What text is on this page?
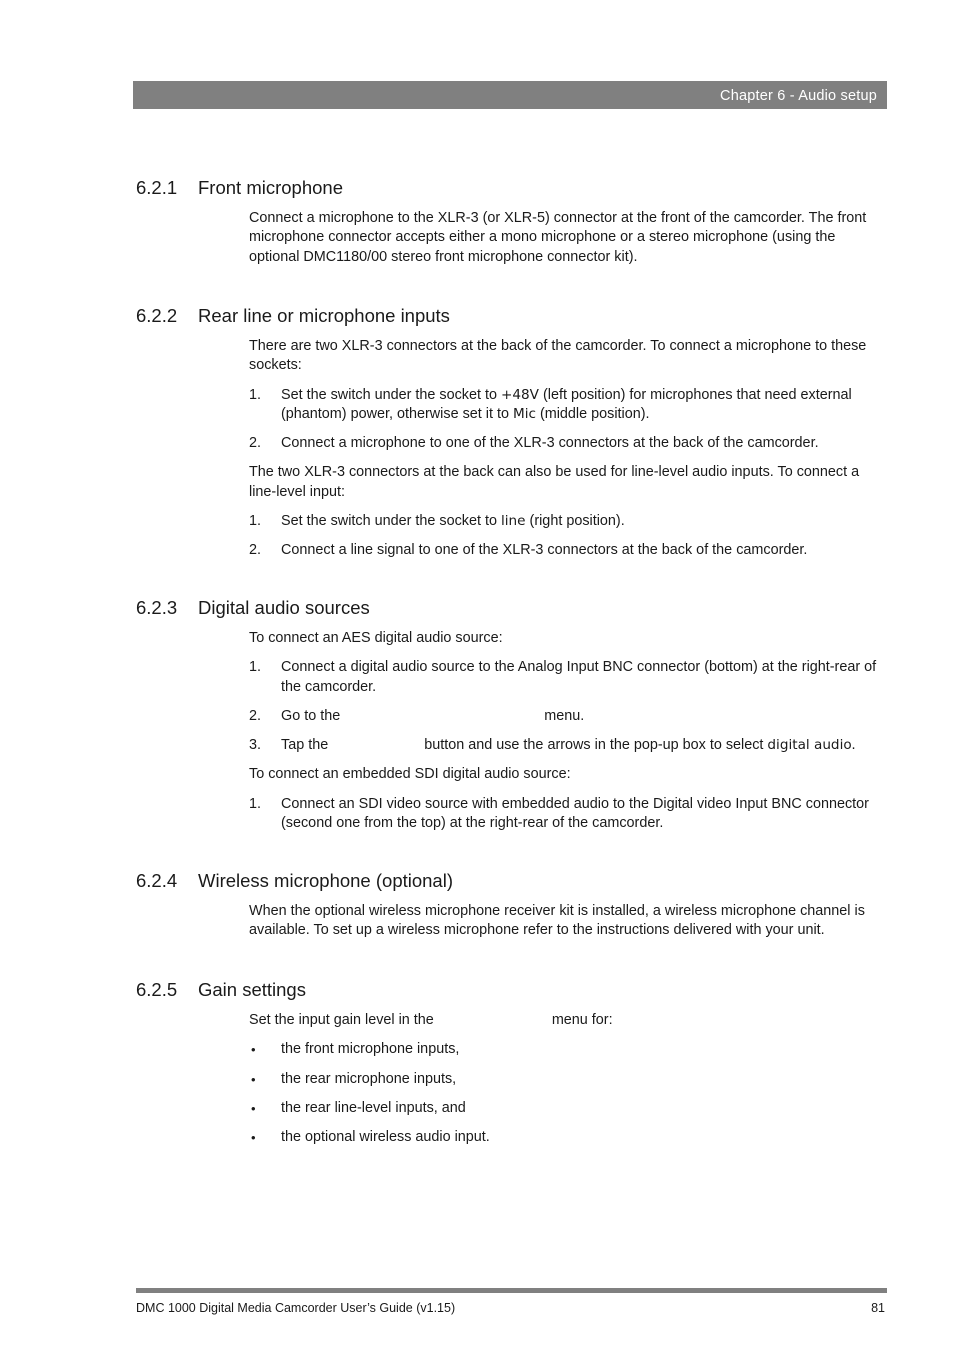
Chapter 6 - Audio setup
6.2.1 Front microphone

Connect a microphone to the XLR-3 (or XLR-5) connector at the front of the camcorder. The front microphone connector accepts either a mono microphone or a stereo microphone (using the optional DMC1180/00 stereo front microphone connector kit).

6.2.2 Rear line or microphone inputs

There are two XLR-3 connectors at the back of the camcorder. To connect a microphone to these sockets:

1.	Set the switch under the socket to +48V (left position) for microphones that need external (phantom) power, otherwise set it to Mic (middle position).
2.	Connect a microphone to one of the XLR-3 connectors at the back of the camcorder.

The two XLR-3 connectors at the back can also be used for line-level audio inputs. To connect a line-level input:

1.	Set the switch under the socket to line (right position).
2.	Connect a line signal to one of the XLR-3 connectors at the back of the camcorder.
6.2.3 Digital audio sources

To connect an AES digital audio source:

1.	Connect a digital audio source to the Analog Input BNC connector (bottom) at the right-rear of the camcorder.
2.	Go to the	menu.
3.	Tap the	button and use the arrows in the pop-up box to select digital audio.

To connect an embedded SDI digital audio source:

1.	Connect an SDI video source with embedded audio to the Digital video Input BNC connector (second one from the top) at the right-rear of the camcorder.
6.2.4 Wireless microphone (optional)

When the optional wireless microphone receiver kit is installed, a wireless microphone channel is available. To set up a wireless microphone refer to the instructions delivered with your unit.

6.2.5 Gain settings

Set the input gain level in the	menu for:

•	the front microphone inputs,
•	the rear microphone inputs,
•	the rear line-level inputs, and
•	the optional wireless audio input.
DMC 1000 Digital Media Camcorder User’s Guide (v1.15)	81
